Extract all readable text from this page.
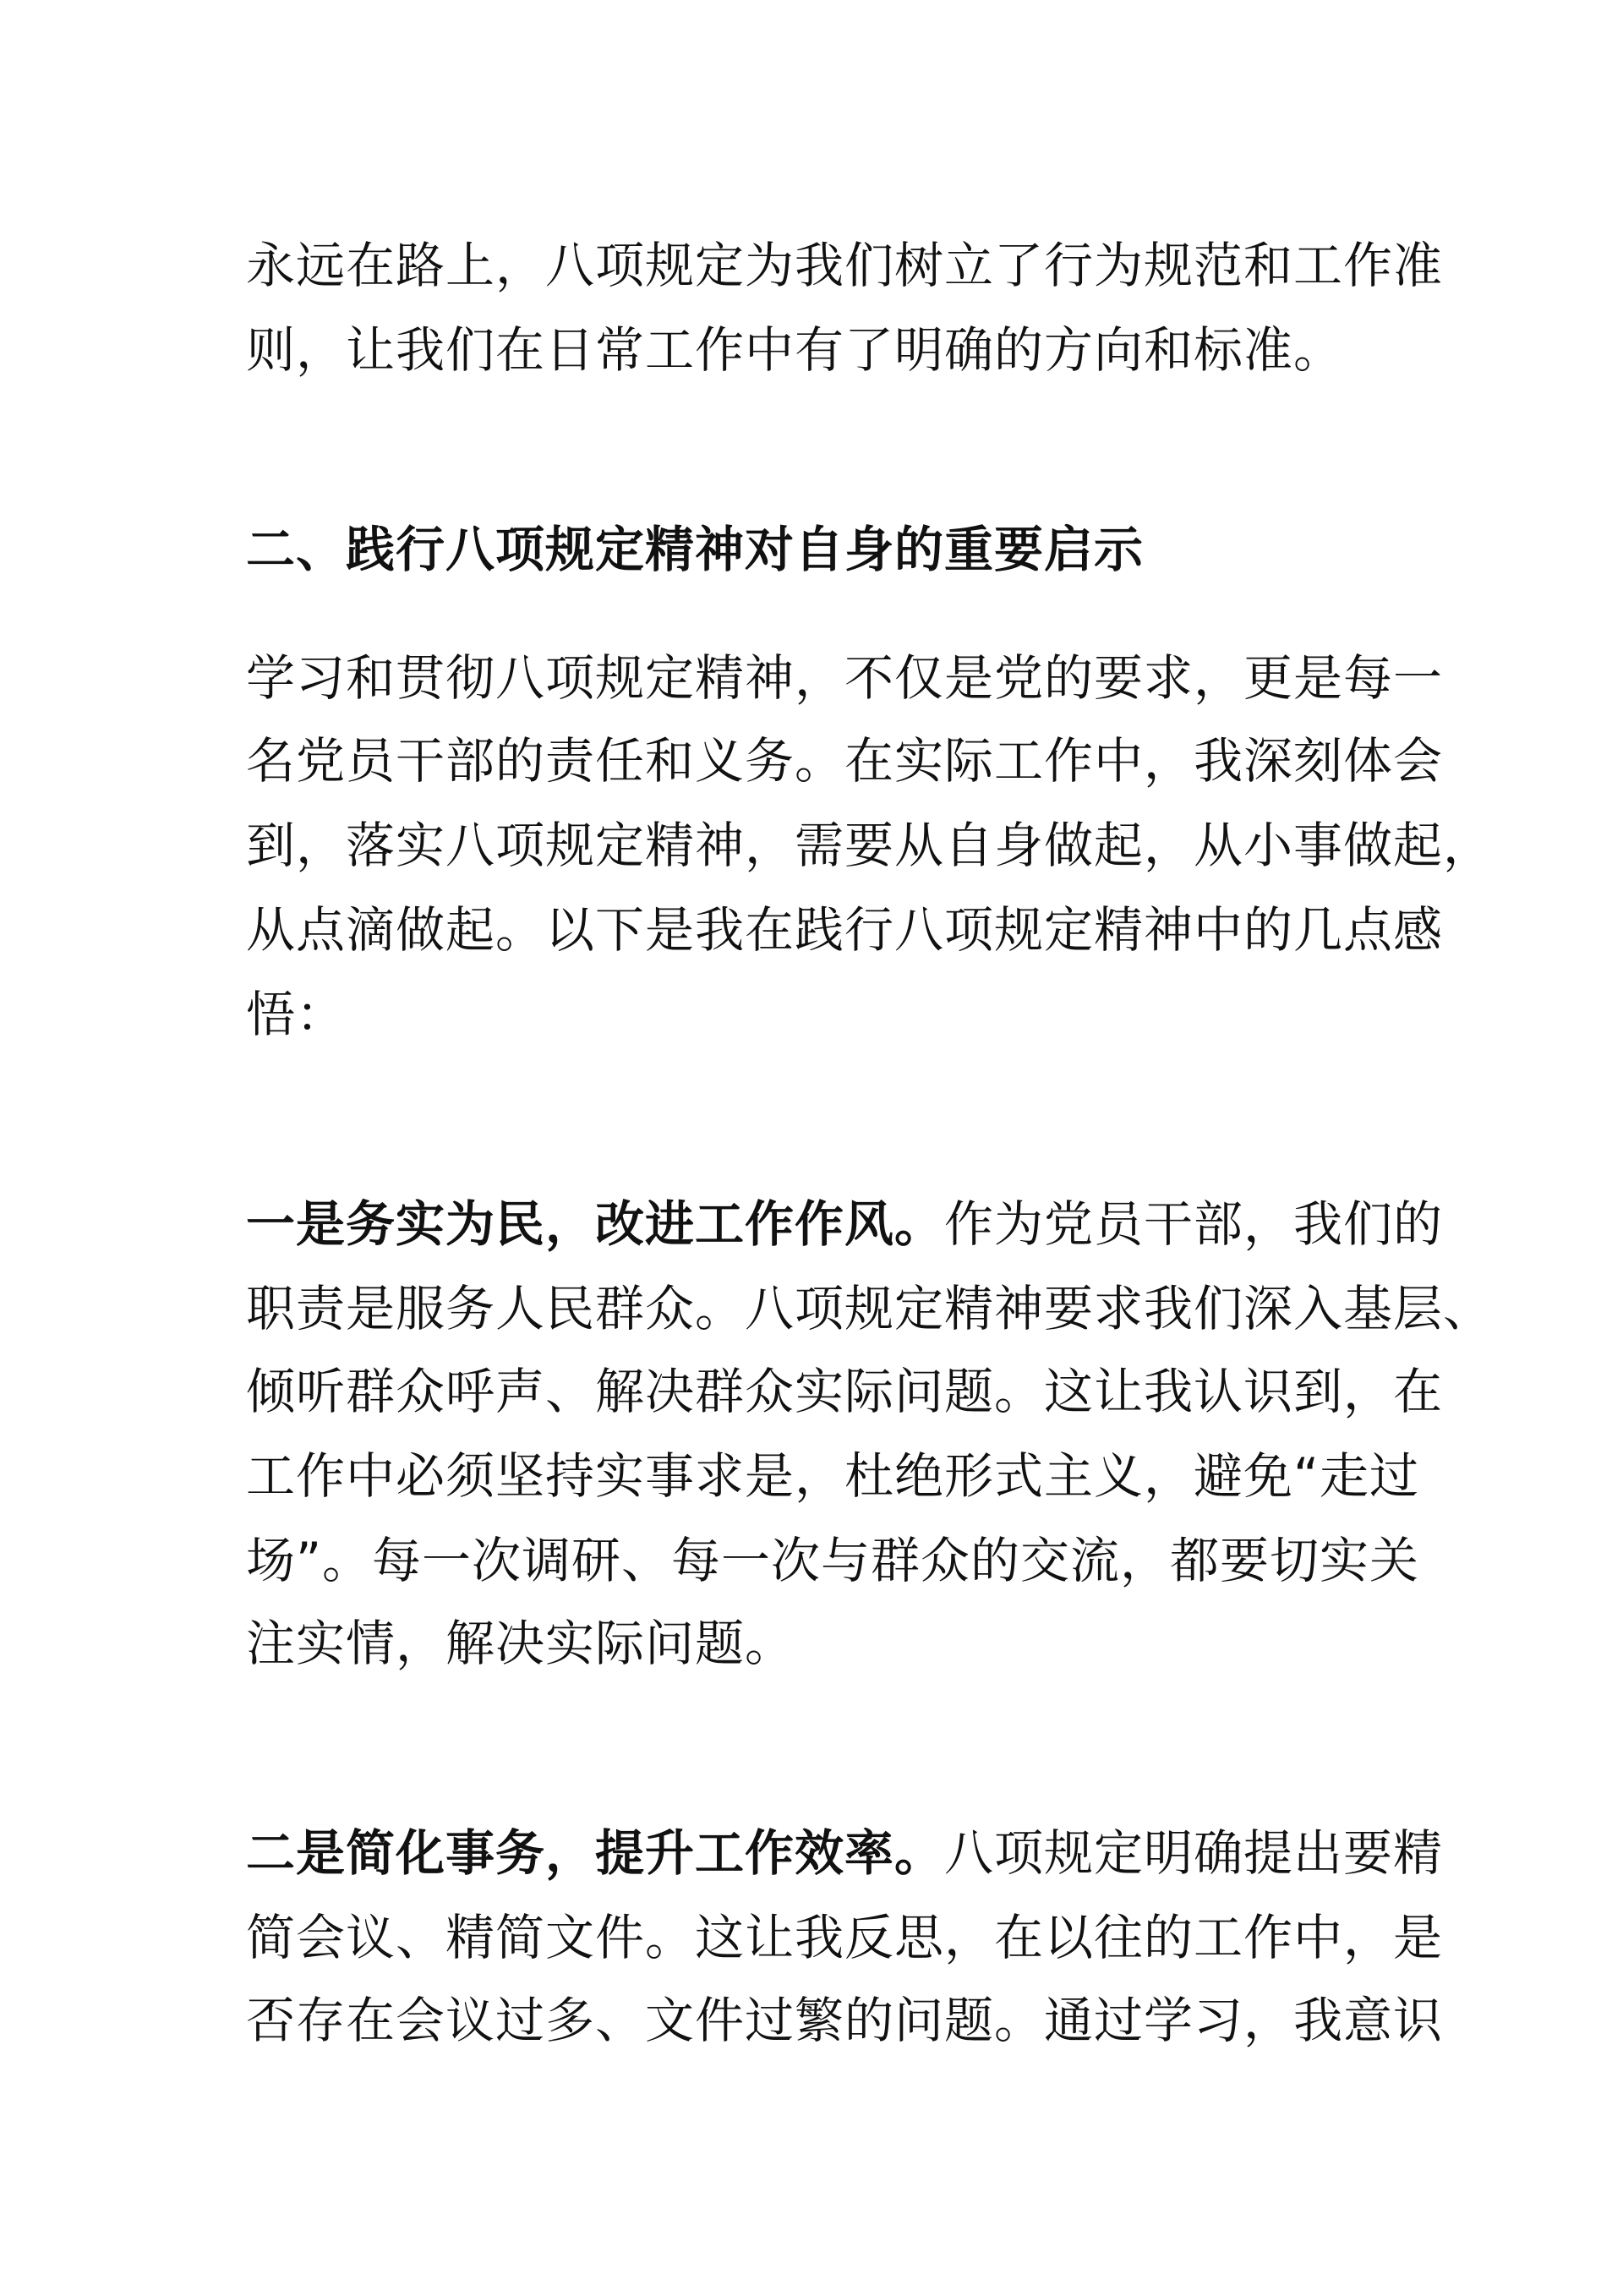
永远在路上，八项规定为我们树立了行为规范和工作准
则，让我们在日常工作中有了明确的方向和标准。
二、践行八项规定精神对自身的重要启示
学习和贯彻八项规定精神，不仅是党的要求，更是每一
名党员干部的责任和义务。在实际工作中，我深刻体会
到，落实八项规定精神，需要从自身做起，从小事做起，
从点滴做起。以下是我在践行八项规定精神中的几点感
悟：
一是务实为民，改进工作作风。作为党员干部，我们的
职责是服务人民群众。八项规定精神要求我们深入基层、
倾听群众呼声、解决群众实际问题。这让我认识到，在
工作中必须坚持实事求是，杜绝形式主义，避免“走过
场”。每一次调研、每一次与群众的交流，都要切实关
注实情，解决实际问题。
二是简化事务，提升工作效率。八项规定明确提出要精
简会议、精简文件。这让我反思，在以往的工作中，是
否存在会议过多、文件过繁的问题。通过学习，我意识
